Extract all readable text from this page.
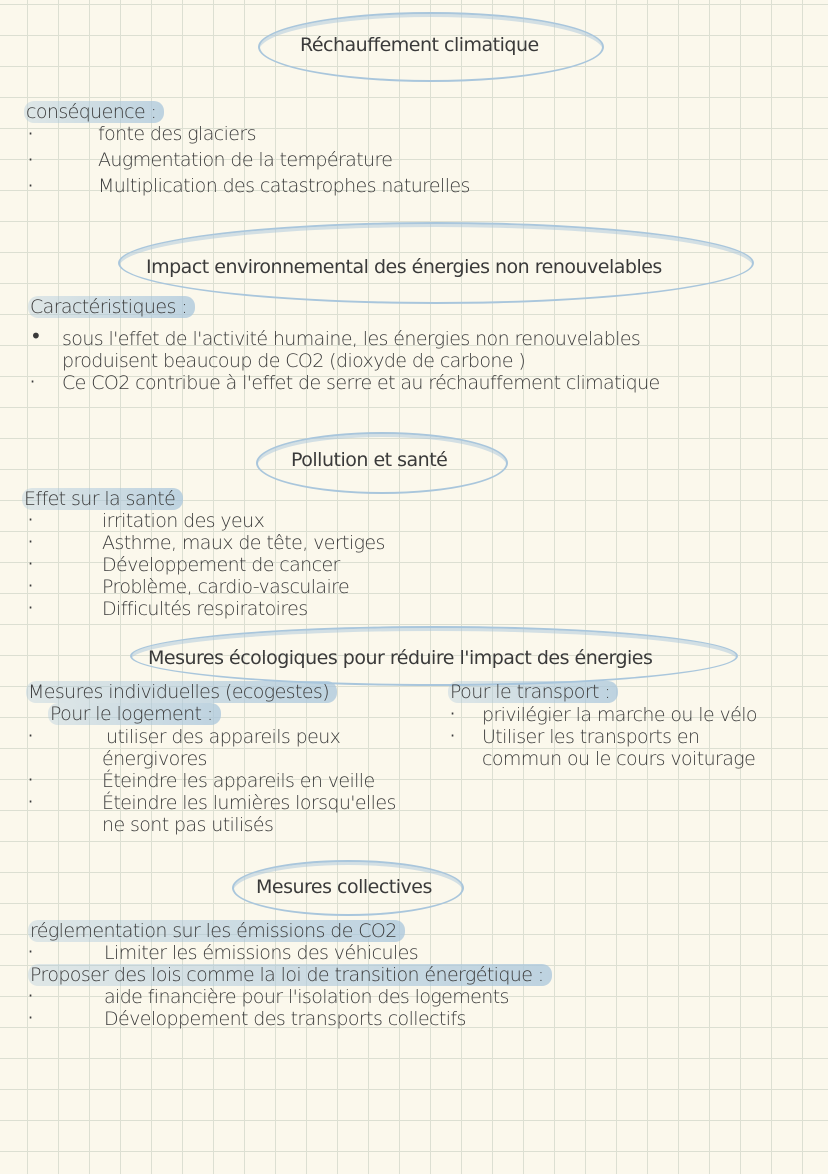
Réchauffement climatique
conséquence :
·	fonte des glaciers
·	Augmentation de la température
·	Multiplication des catastrophes naturelles
Impact environnemental des énergies non renouvelables
Caractéristiques :
• sous l'effet de l'activité humaine, les énergies non renouvelables
produisent beaucoup de CO2 (dioxyde de carbone )
· Ce CO2 contribue à l'effet de serre et au réchauffement climatique
Pollution et santé
Effet sur la santé
·	irritation des yeux
·	Asthme, maux de tête, vertiges
·	Développement de cancer
·	Problème, cardio-vasculaire
·	Difficultés respiratoires
Mesures écologiques pour réduire l'impact des énergies
Mesures individuelles (ecogestes)
Pour le logement :
·	utiliser des appareils peux
énergivores
·	Éteindre les appareils en veille
·	Éteindre les lumières lorsqu'elles
ne sont pas utilisés
Pour le transport :
· privilégier la marche ou le vélo
· Utiliser les transports en
commun ou le cours voiturage
Mesures collectives
réglementation sur les émissions de CO2
·	Limiter les émissions des véhicules
Proposer des lois comme la loi de transition énergétique :
·	aide financière pour l'isolation des logements
·	Développement des transports collectifs
